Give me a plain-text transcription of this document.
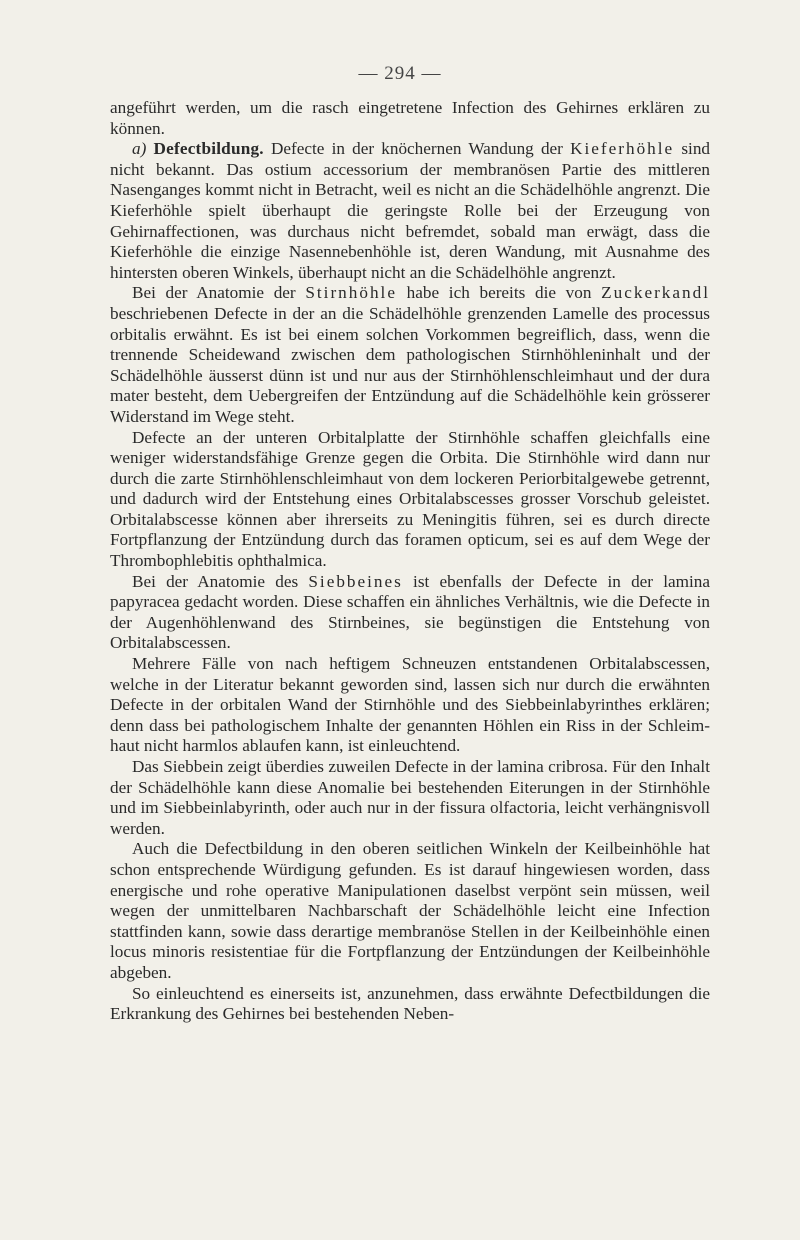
— 294 —

angeführt werden, um die rasch eingetretene Infection des Gehirnes erklären zu können.

a) Defectbildung. Defecte in der knöchernen Wandung der Kieferhöhle sind nicht bekannt. Das ostium accessorium der membranösen Partie des mittleren Nasenganges kommt nicht in Betracht, weil es nicht an die Schädelhöhle angrenzt. Die Kieferhöhle spielt überhaupt die geringste Rolle bei der Erzeugung von Gehirnaffectionen, was durchaus nicht befremdet, sobald man erwägt, dass die Kieferhöhle die einzige Nasennebenhöhle ist, deren Wandung, mit Ausnahme des hintersten oberen Winkels, überhaupt nicht an die Schädelhöhle angrenzt.

Bei der Anatomie der Stirnhöhle habe ich bereits die von Zuckerkandl beschriebenen Defecte in der an die Schädelhöhle grenzenden Lamelle des processus orbitalis erwähnt. Es ist bei einem solchen Vorkommen begreiflich, dass, wenn die trennende Scheidewand zwischen dem pathologischen Stirnhöhleninhalt und der Schädelhöhle äusserst dünn ist und nur aus der Stirnhöhlenschleimhaut und der dura mater besteht, dem Uebergreifen der Entzündung auf die Schädelhöhle kein grösserer Widerstand im Wege steht.

Defecte an der unteren Orbitalplatte der Stirnhöhle schaffen gleichfalls eine weniger widerstandsfähige Grenze gegen die Orbita. Die Stirnhöhle wird dann nur durch die zarte Stirnhöhlenschleimhaut von dem lockeren Periorbitalgewebe getrennt, und dadurch wird der Entstehung eines Orbitalabscesses grosser Vorschub geleistet. Orbitalabscesse können aber ihrerseits zu Meningitis führen, sei es durch directe Fortpflanzung der Entzündung durch das foramen opticum, sei es auf dem Wege der Thrombophlebitis ophthalmica.

Bei der Anatomie des Siebbeines ist ebenfalls der Defecte in der lamina papyracea gedacht worden. Diese schaffen ein ähnliches Verhältnis, wie die Defecte in der Augenhöhlenwand des Stirnbeines, sie begünstigen die Entstehung von Orbitalabscessen.

Mehrere Fälle von nach heftigem Schneuzen entstandenen Orbitalabscessen, welche in der Literatur bekannt geworden sind, lassen sich nur durch die erwähnten Defecte in der orbitalen Wand der Stirnhöhle und des Siebbeinlabyrinthes erklären; denn dass bei pathologischem Inhalte der genannten Höhlen ein Riss in der Schleimhaut nicht harmlos ablaufen kann, ist einleuchtend.

Das Siebbein zeigt überdies zuweilen Defecte in der lamina cribrosa. Für den Inhalt der Schädelhöhle kann diese Anomalie bei bestehenden Eiterungen in der Stirnhöhle und im Siebbeinlabyrinth, oder auch nur in der fissura olfactoria, leicht verhängnisvoll werden.

Auch die Defectbildung in den oberen seitlichen Winkeln der Keilbeinhöhle hat schon entsprechende Würdigung gefunden. Es ist darauf hingewiesen worden, dass energische und rohe operative Manipulationen daselbst verpönt sein müssen, weil wegen der unmittelbaren Nachbarschaft der Schädelhöhle leicht eine Infection stattfinden kann, sowie dass derartige membranöse Stellen in der Keilbeinhöhle einen locus minoris resistentiae für die Fortpflanzung der Entzündungen der Keilbeinhöhle abgeben.

So einleuchtend es einerseits ist, anzunehmen, dass erwähnte Defectbildungen die Erkrankung des Gehirnes bei bestehenden Neben-
